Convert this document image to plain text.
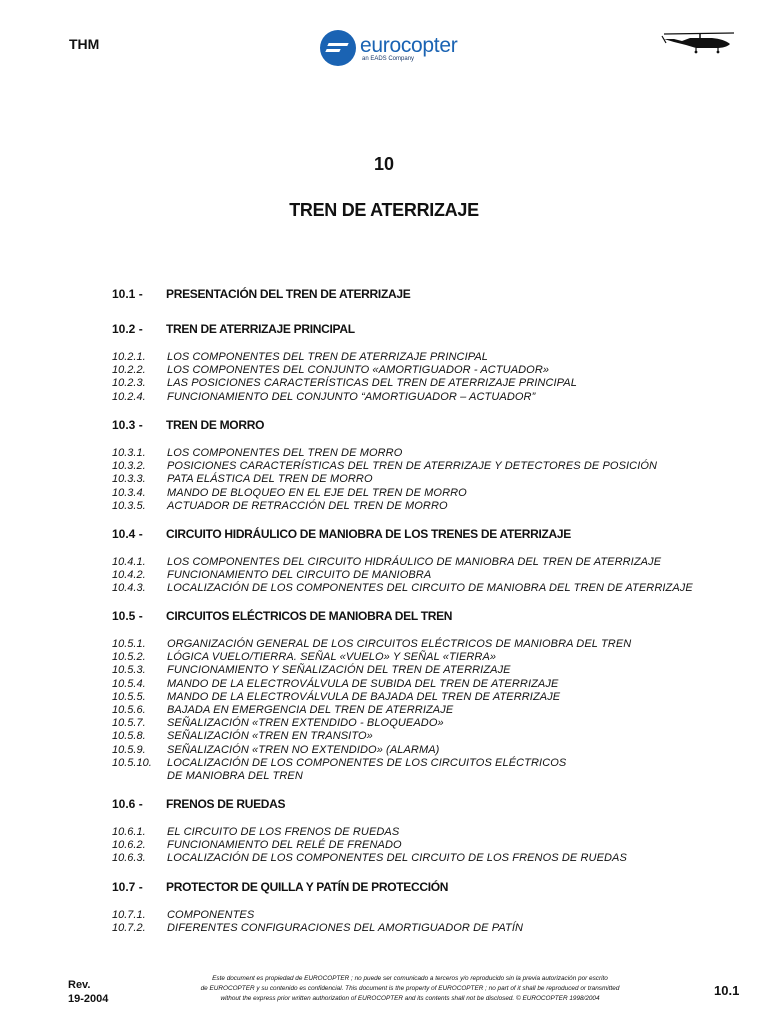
THM	eurocopter
an EADS Company
10
TREN DE ATERRIZAJE
10.1 - PRESENTACIÓN DEL TREN DE ATERRIZAJE
10.2 - TREN DE ATERRIZAJE PRINCIPAL
10.2.1. LOS COMPONENTES DEL TREN DE ATERRIZAJE PRINCIPAL
10.2.2. LOS COMPONENTES DEL CONJUNTO «AMORTIGUADOR - ACTUADOR»
10.2.3. LAS POSICIONES CARACTERÍSTICAS DEL TREN DE ATERRIZAJE PRINCIPAL
10.2.4. FUNCIONAMIENTO DEL CONJUNTO “AMORTIGUADOR – ACTUADOR”
10.3 - TREN DE MORRO
10.3.1. LOS COMPONENTES DEL TREN DE MORRO
10.3.2. POSICIONES CARACTERÍSTICAS DEL TREN DE ATERRIZAJE Y DETECTORES DE POSICIÓN
10.3.3. PATA ELÁSTICA DEL TREN DE MORRO
10.3.4. MANDO DE BLOQUEO EN EL EJE DEL TREN DE MORRO
10.3.5. ACTUADOR DE RETRACCIÓN DEL TREN DE MORRO
10.4 - CIRCUITO HIDRÁULICO DE MANIOBRA DE LOS TRENES DE ATERRIZAJE
10.4.1. LOS COMPONENTES DEL CIRCUITO HIDRÁULICO DE MANIOBRA DEL TREN DE ATERRIZAJE
10.4.2. FUNCIONAMIENTO DEL CIRCUITO DE MANIOBRA
10.4.3. LOCALIZACIÓN DE LOS COMPONENTES DEL CIRCUITO DE MANIOBRA DEL TREN DE ATERRIZAJE
10.5 - CIRCUITOS ELÉCTRICOS DE MANIOBRA DEL TREN
10.5.1. ORGANIZACIÓN GENERAL DE LOS CIRCUITOS ELÉCTRICOS DE MANIOBRA DEL TREN
10.5.2. LÓGICA VUELO/TIERRA. SEÑAL «VUELO» Y SEÑAL «TIERRA»
10.5.3. FUNCIONAMIENTO Y SEÑALIZACIÓN DEL TREN DE ATERRIZAJE
10.5.4. MANDO DE LA ELECTROVÁLVULA DE SUBIDA DEL TREN DE ATERRIZAJE
10.5.5. MANDO DE LA ELECTROVÁLVULA DE BAJADA DEL TREN DE ATERRIZAJE
10.5.6. BAJADA EN EMERGENCIA DEL TREN DE ATERRIZAJE
10.5.7. SEÑALIZACIÓN «TREN EXTENDIDO - BLOQUEADO»
10.5.8. SEÑALIZACIÓN «TREN EN TRANSITO»
10.5.9. SEÑALIZACIÓN «TREN NO EXTENDIDO» (ALARMA)
10.5.10. LOCALIZACIÓN DE LOS COMPONENTES DE LOS CIRCUITOS ELÉCTRICOS
DE MANIOBRA DEL TREN
10.6 - FRENOS DE RUEDAS
10.6.1. EL CIRCUITO DE LOS FRENOS DE RUEDAS
10.6.2. FUNCIONAMIENTO DEL RELÉ DE FRENADO
10.6.3. LOCALIZACIÓN DE LOS COMPONENTES DEL CIRCUITO DE LOS FRENOS DE RUEDAS
10.7 - PROTECTOR DE QUILLA Y PATÍN DE PROTECCIÓN
10.7.1. COMPONENTES
10.7.2. DIFERENTES CONFIGURACIONES DEL AMORTIGUADOR DE PATÍN
Rev.
19-2004
Este document es propiedad de EUROCOPTER ; no puede ser comunicado a terceros y/o reproducido sin la previa autorización por escrito
de EUROCOPTER y su contenido es confidencial. This document is the property of EUROCOPTER ; no part of it shall be reproduced or transmitted
without the express prior written authorization of EUROCOPTER and its contents shall not be disclosed. © EUROCOPTER 1998/2004
10.1
